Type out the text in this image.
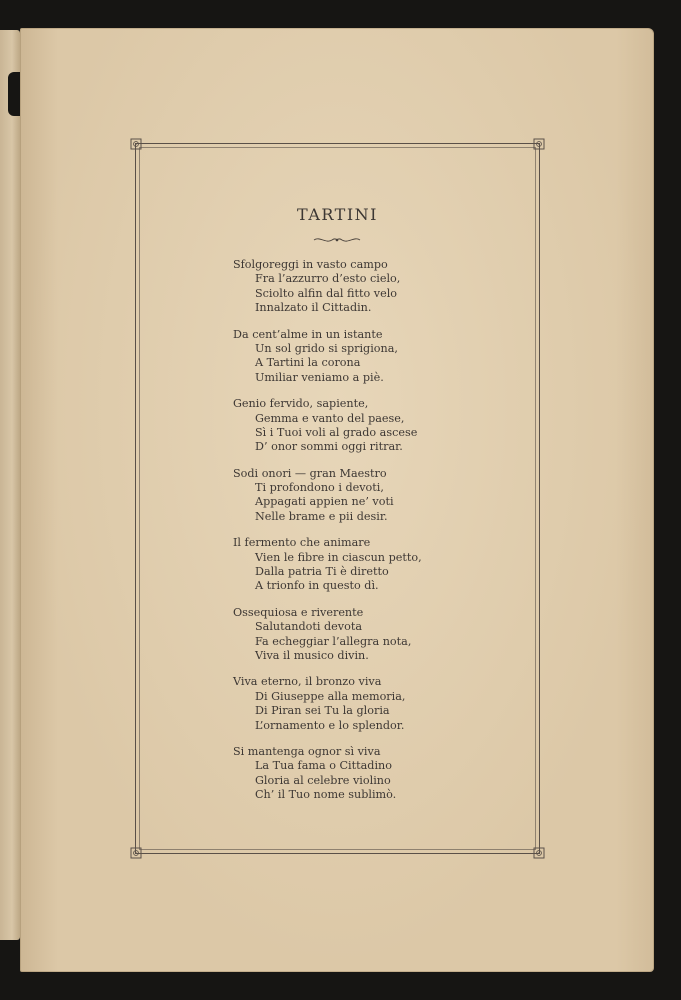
TARTINI
Sfolgoreggi in vasto campo
Fra l’azzurro d’esto cielo,
Sciolto alfin dal fitto velo
Innalzato il Cittadin.
Da cent’alme in un istante
Un sol grido si sprigiona,
A Tartini la corona
Umiliar veniamo a piè.
Genio fervido, sapiente,
Gemma e vanto del paese,
Sì i Tuoi voli al grado ascese
D’ onor sommi oggi ritrar.
Sodi onori — gran Maestro
Ti profondono i devoti,
Appagati appien ne’ voti
Nelle brame e pii desir.
Il fermento che animare
Vien le fibre in ciascun petto,
Dalla patria Ti è diretto
A trionfo in questo dì.
Ossequiosa e riverente
Salutandoti devota
Fa echeggiar l’allegra nota,
Viva il musico divin.
Viva eterno, il bronzo viva
Di Giuseppe alla memoria,
Di Piran sei Tu la gloria
L’ornamento e lo splendor.
Si mantenga ognor sì viva
La Tua fama o Cittadino
Gloria al celebre violino
Ch’ il Tuo nome sublimò.
